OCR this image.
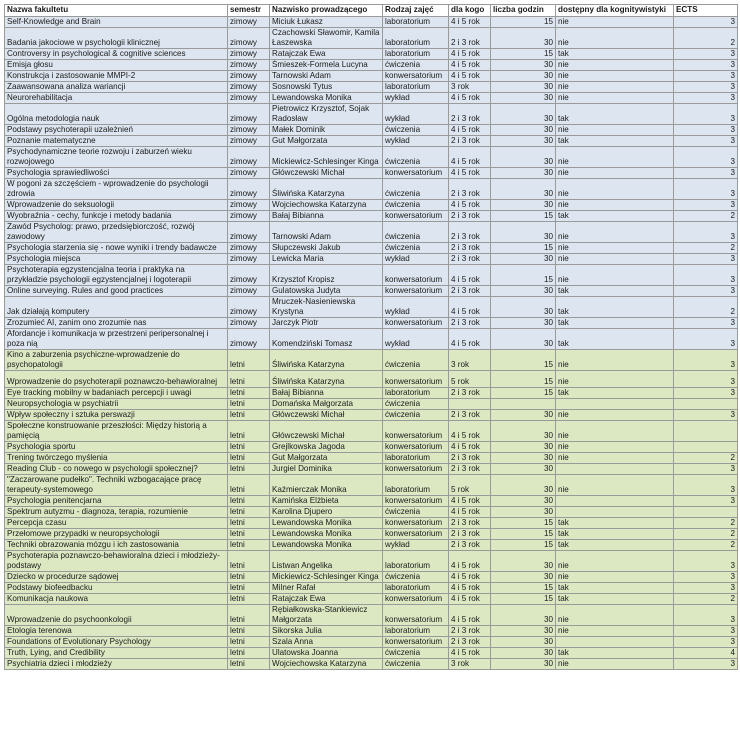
Nazwa fakultetu	semestr	Nazwisko prowadzącego	Rodzaj zajęć	dla kogo	liczba godzin	dostępny dla kognitywistyki	ECTS
Self-Knowledge and Brain	zimowy	Miciuk Łukasz	laboratorium	4 i 5 rok	15	nie	3
Badania jakociowe w psychologii klinicznej	zimowy	Czachowski Sławomir, Kamila Łaszewska	laboratorium	2 i 3 rok	30	nie	2
Controversy in psychological & cognitive sciences	zimowy	Ratajczak Ewa	laboratorium	4 i 5 rok	15	tak	3
Emisja głosu	zimowy	Śmieszek-Formela Lucyna	ćwiczenia	4 i 5 rok	30	nie	3
Konstrukcja i zastosowanie MMPI-2	zimowy	Tarnowski Adam	konwersatorium	4 i 5 rok	30	nie	3
Zaawansowana analiza wariancji	zimowy	Sosnowski Tytus	laboratorium	3 rok	30	nie	3
Neurorehabilitacja	zimowy	Lewandowska Monika	wykład	4 i 5 rok	30	nie	3
Ogólna metodologia nauk	zimowy	Pietrowicz Krzysztof, Sojak Radosław	wykład	2 i 3 rok	30	tak	3
Podstawy psychoterapii uzależnień	zimowy	Małek Dominik	ćwiczenia	4 i 5 rok	30	nie	3
Poznanie matematyczne	zimowy	Gut Małgorzata	wykład	2 i 3 rok	30	tak	3
Psychodynamiczne teorie rozwoju i zaburzeń wieku rozwojowego	zimowy	Mickiewicz-Schlesinger Kinga	ćwiczenia	4 i 5 rok	30	nie	3
Psychologia sprawiedliwości	zimowy	Główczewski Michał	konwersatorium	4 i 5 rok	30	nie	3
W pogoni za szczęściem - wprowadzenie do psychologii zdrowia	zimowy	Śliwińska Katarzyna	ćwiczenia	2 i 3 rok	30	nie	3
Wprowadzenie do seksuologii	zimowy	Wojciechowska Katarzyna	ćwiczenia	4 i 5 rok	30	nie	3
Wyobraźnia - cechy, funkcje i metody badania	zimowy	Bałaj Bibianna	konwersatorium	2 i 3 rok	15	tak	2
Zawód Psycholog: prawo, przedsiębiorczość, rozwój zawodowy	zimowy	Tarnowski Adam	ćwiczenia	2 i 3 rok	30	nie	3
Psychologia starzenia się - nowe wyniki i trendy badawcze	zimowy	Słupczewski Jakub	ćwiczenia	2 i 3 rok	15	nie	2
Psychologia miejsca	zimowy	Lewicka Maria	wykład	2 i 3 rok	30	nie	3
Psychoterapia egzystencjalna teoria i praktyka na przykładzie psychologii egzystencjalnej i logoterapii	zimowy	Krzysztof Kropisz	konwersatorium	4 i 5 rok	15	nie	3
Online surveying. Rules and good practices	zimowy	Gulatowska Judyta	konwersatorium	2 i 3 rok	30	tak	3
Jak działają komputery	zimowy	Mruczek-Nasieniewska Krystyna	wykład	4 i 5 rok	30	tak	2
Zrozumieć AI, zanim ono zrozumie nas	zimowy	Jarczyk Piotr	konwersatorium	2 i 3 rok	30	tak	3
Afordancje i komunikacja w przestrzeni peripersonalnej i poza nią	zimowy	Komendziński Tomasz	wykład	4 i 5 rok	30	tak	3
Kino a zaburzenia psychiczne-wprowadzenie do psychopatologii	letni	Śliwińska Katarzyna	ćwiczenia	3 rok	15	nie	3
Wprowadzenie do psychoterapii poznawczo-behawioralnej	letni	Śliwińska Katarzyna	konwersatorium	5 rok	15	nie	3
Eye tracking mobilny w badaniach percepcji i uwagi	letni	Bałaj Bibianna	laboratorium	2 i 3 rok	15	tak	3
Neuropsychologia w psychiatrii	letni	Domańska Małgorzata	ćwiczenia				
Wpływ społeczny i sztuka perswazji	letni	Główczewski Michał	ćwiczenia	2 i 3 rok	30	nie	3
Społeczne konstruowanie przeszłości: Między historią a pamięcią	letni	Główczewski Michał	konwersatorium	4 i 5 rok	30	nie	
Psychologia sportu	letni	Grejlkowska Jagoda	konwersatorium	4 i 5 rok	30	nie	
Trening twórczego myślenia	letni	Gut Małgorzata	laboratorium	2 i 3 rok	30	nie	2
Reading Club - co nowego w psychologii społecznej?	letni	Jurgiel Dominika	konwersatorium	2 i 3 rok	30		3
"Zaczarowane pudełko". Techniki wzbogacające pracę terapeuty-systemowego	letni	Kaźmierczak Monika	laboratorium	5 rok	30	nie	3
Psychologia penitencjarna	letni	Kamińska Elżbieta	konwersatorium	4 i 5 rok	30		3
Spektrum autyzmu - diagnoza, terapia, rozumienie	letni	Karolina Djupero	ćwiczenia	4 i 5 rok	30		
Percepcja czasu	letni	Lewandowska Monika	konwersatorium	2 i 3 rok	15	tak	2
Przełomowe przypadki w neuropsychologii	letni	Lewandowska Monika	konwersatorium	2 i 3 rok	15	tak	2
Techniki obrazowania mózgu i ich zastosowania	letni	Lewandowska Monika	wykład	2 i 3 rok	15	tak	2
Psychoterapia poznawczo-behawioralna dzieci i młodzieży-podstawy	letni	Listwan Angelika	laboratorium	4 i 5 rok	30	nie	3
Dziecko w procedurze sądowej	letni	Mickiewicz-Schlesinger Kinga	ćwiczenia	4 i 5 rok	30	nie	3
Podstawy biofeedbacku	letni	Milner Rafał	laboratorium	4 i 5 rok	15	tak	3
Komunikacja naukowa	letni	Ratajczak Ewa	konwersatorium	4 i 5 rok	15	tak	2
Wprowadzenie do psychoonkologii	letni	Rębiałkowska-Stankiewicz Małgorzata	konwersatorium	4 i 5 rok	30	nie	3
Etologia terenowa	letni	Sikorska Julia	laboratorium	2 i 3 rok	30	nie	3
Foundations of Evolutionary Psychology	letni	Szala Anna	konwersatorium	2 i 3 rok	30		3
Truth, Lying, and Credibility	letni	Ulatowska Joanna	ćwiczenia	4 i 5 rok	30	tak	4
Psychiatria dzieci i młodzieży	letni	Wojciechowska Katarzyna	ćwiczenia	3 rok	30	nie	3
